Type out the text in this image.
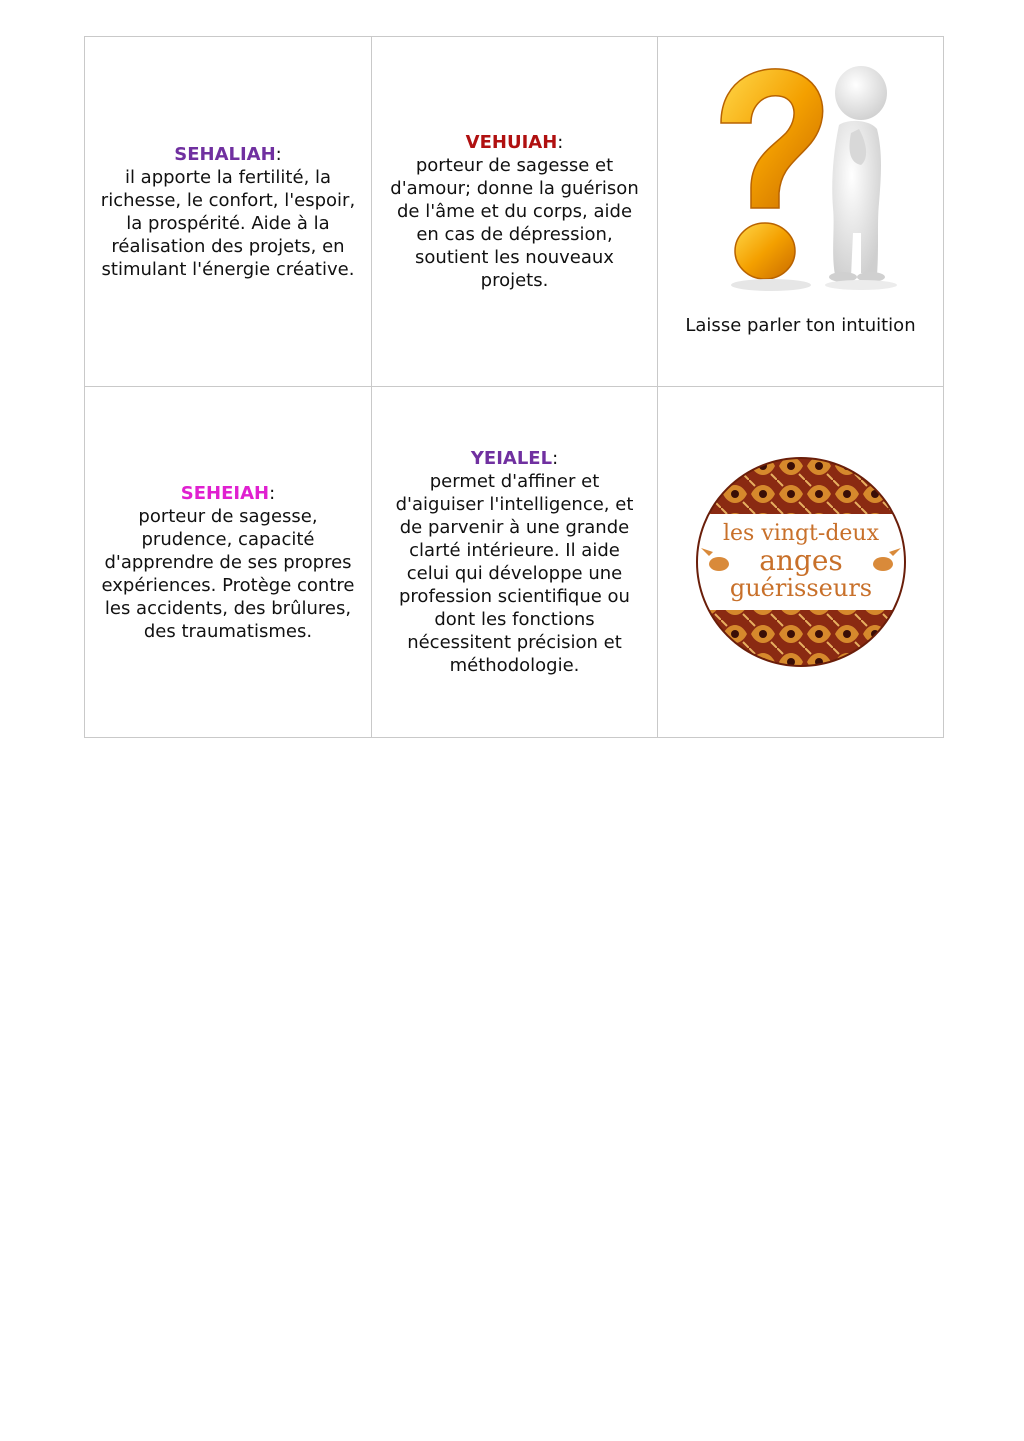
SEHALIAH:
il apporte la fertilité, la
richesse, le confort, l'espoir,
la prospérité. Aide à la
réalisation des projets, en
stimulant l'énergie créative.
VEHUIAH:
porteur de sagesse et
d'amour; donne la guérison
de l'âme et du corps, aide
en cas de dépression,
soutient les nouveaux
projets.
Laisse parler ton intuition
SEHEIAH:
porteur de sagesse,
prudence, capacité
d'apprendre de ses propres
expériences. Protège contre
les accidents, des brûlures,
des traumatismes.
YEIALEL:
permet d'affiner et
d'aiguiser l'intelligence, et
de parvenir à une grande
clarté intérieure. Il aide
celui qui développe une
profession scientifique ou
dont les fonctions
nécessitent précision et
méthodologie.
les vingt-deux
anges
guérisseurs
